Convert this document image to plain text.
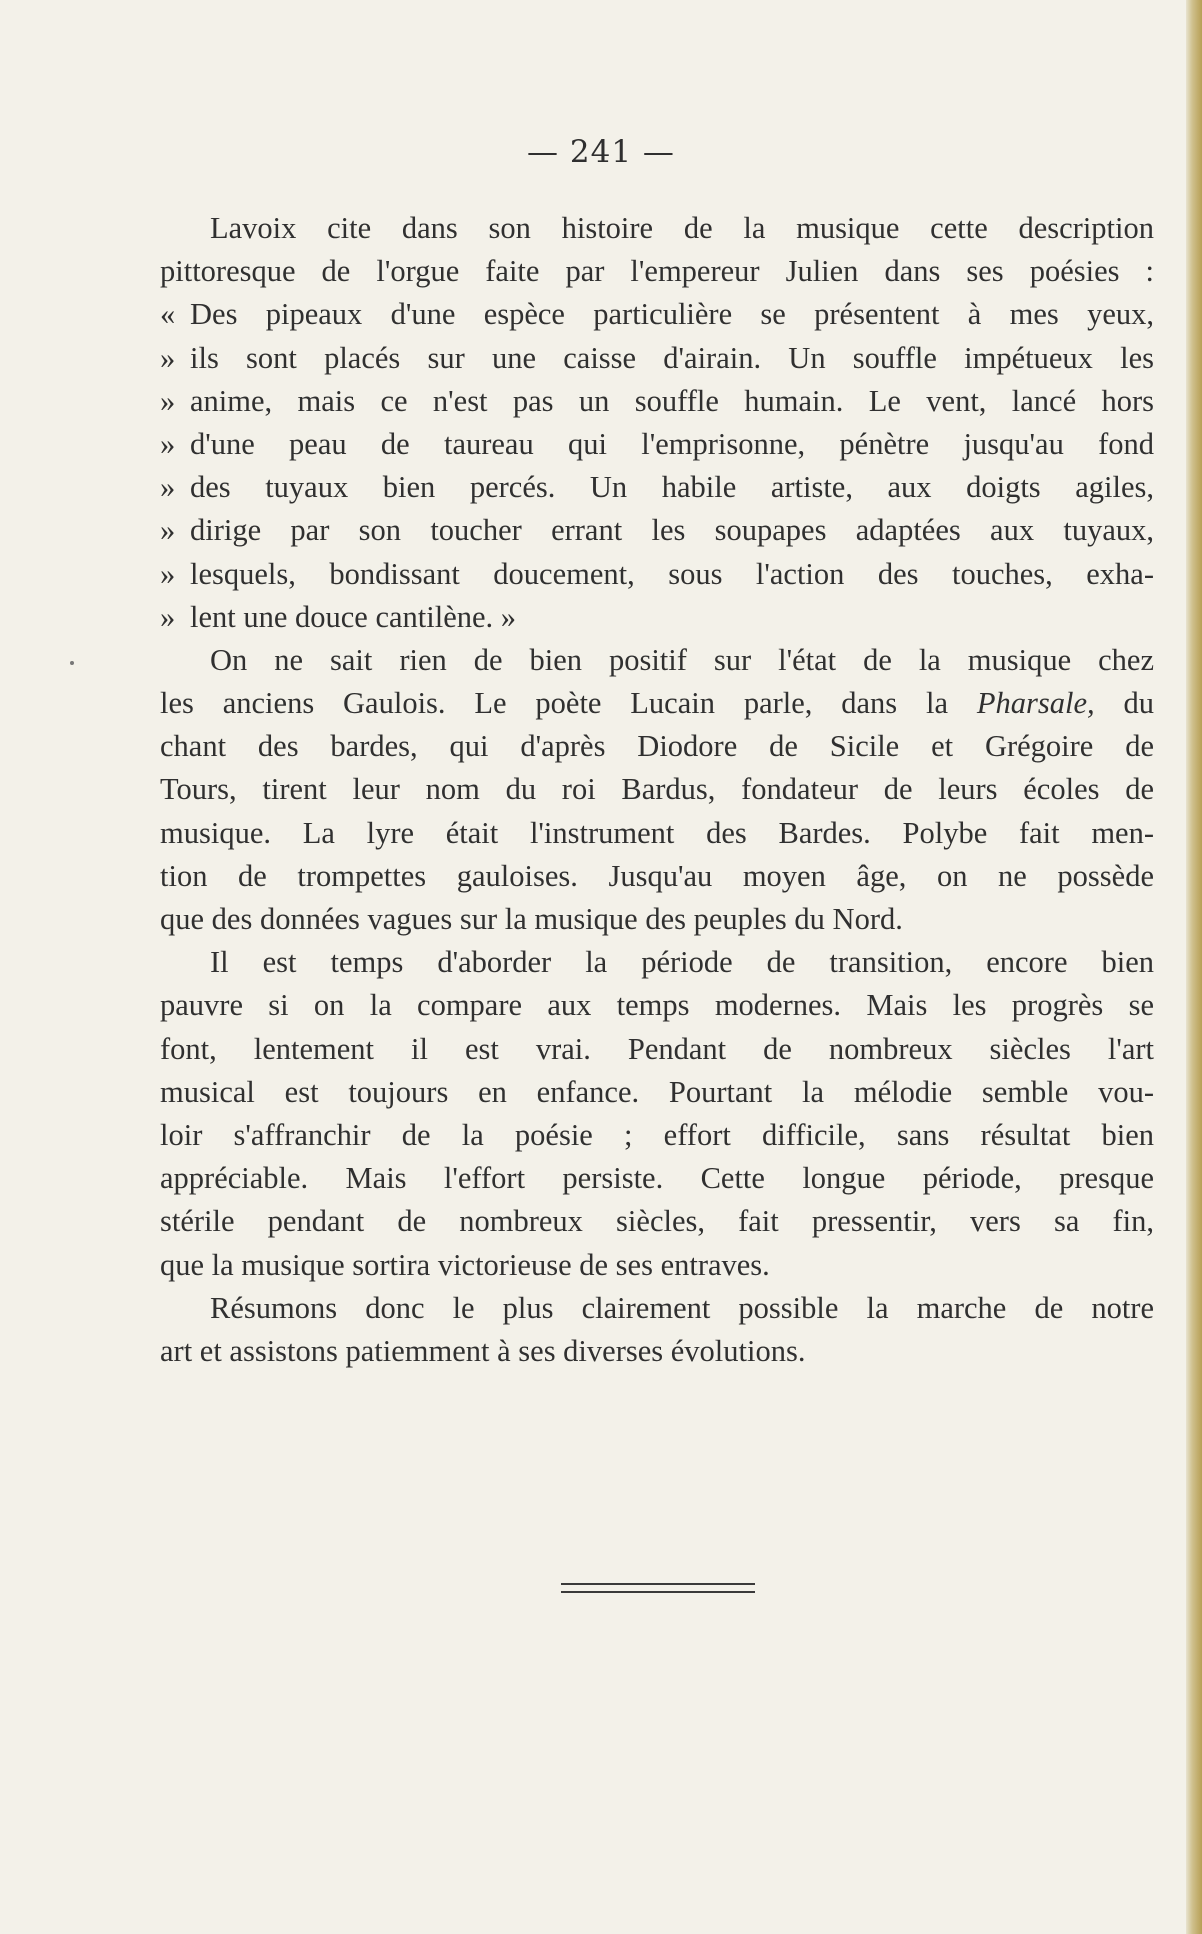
— 241 —
Lavoix cite dans son histoire de la musique cette description
pittoresque de l'orgue faite par l'empereur Julien dans ses poésies :
« Des pipeaux d'une espèce particulière se présentent à mes yeux,
» ils sont placés sur une caisse d'airain. Un souffle impétueux les
» anime, mais ce n'est pas un souffle humain. Le vent, lancé hors
» d'une peau de taureau qui l'emprisonne, pénètre jusqu'au fond
» des tuyaux bien percés. Un habile artiste, aux doigts agiles,
» dirige par son toucher errant les soupapes adaptées aux tuyaux,
» lesquels, bondissant doucement, sous l'action des touches, exha-
» lent une douce cantilène. »
On ne sait rien de bien positif sur l'état de la musique chez
les anciens Gaulois. Le poète Lucain parle, dans la Pharsale, du
chant des bardes, qui d'après Diodore de Sicile et Grégoire de
Tours, tirent leur nom du roi Bardus, fondateur de leurs écoles de
musique. La lyre était l'instrument des Bardes. Polybe fait men-
tion de trompettes gauloises. Jusqu'au moyen âge, on ne possède
que des données vagues sur la musique des peuples du Nord.
Il est temps d'aborder la période de transition, encore bien
pauvre si on la compare aux temps modernes. Mais les progrès se
font, lentement il est vrai. Pendant de nombreux siècles l'art
musical est toujours en enfance. Pourtant la mélodie semble vou-
loir s'affranchir de la poésie ; effort difficile, sans résultat bien
appréciable. Mais l'effort persiste. Cette longue période, presque
stérile pendant de nombreux siècles, fait pressentir, vers sa fin,
que la musique sortira victorieuse de ses entraves.
Résumons donc le plus clairement possible la marche de notre
art et assistons patiemment à ses diverses évolutions.
